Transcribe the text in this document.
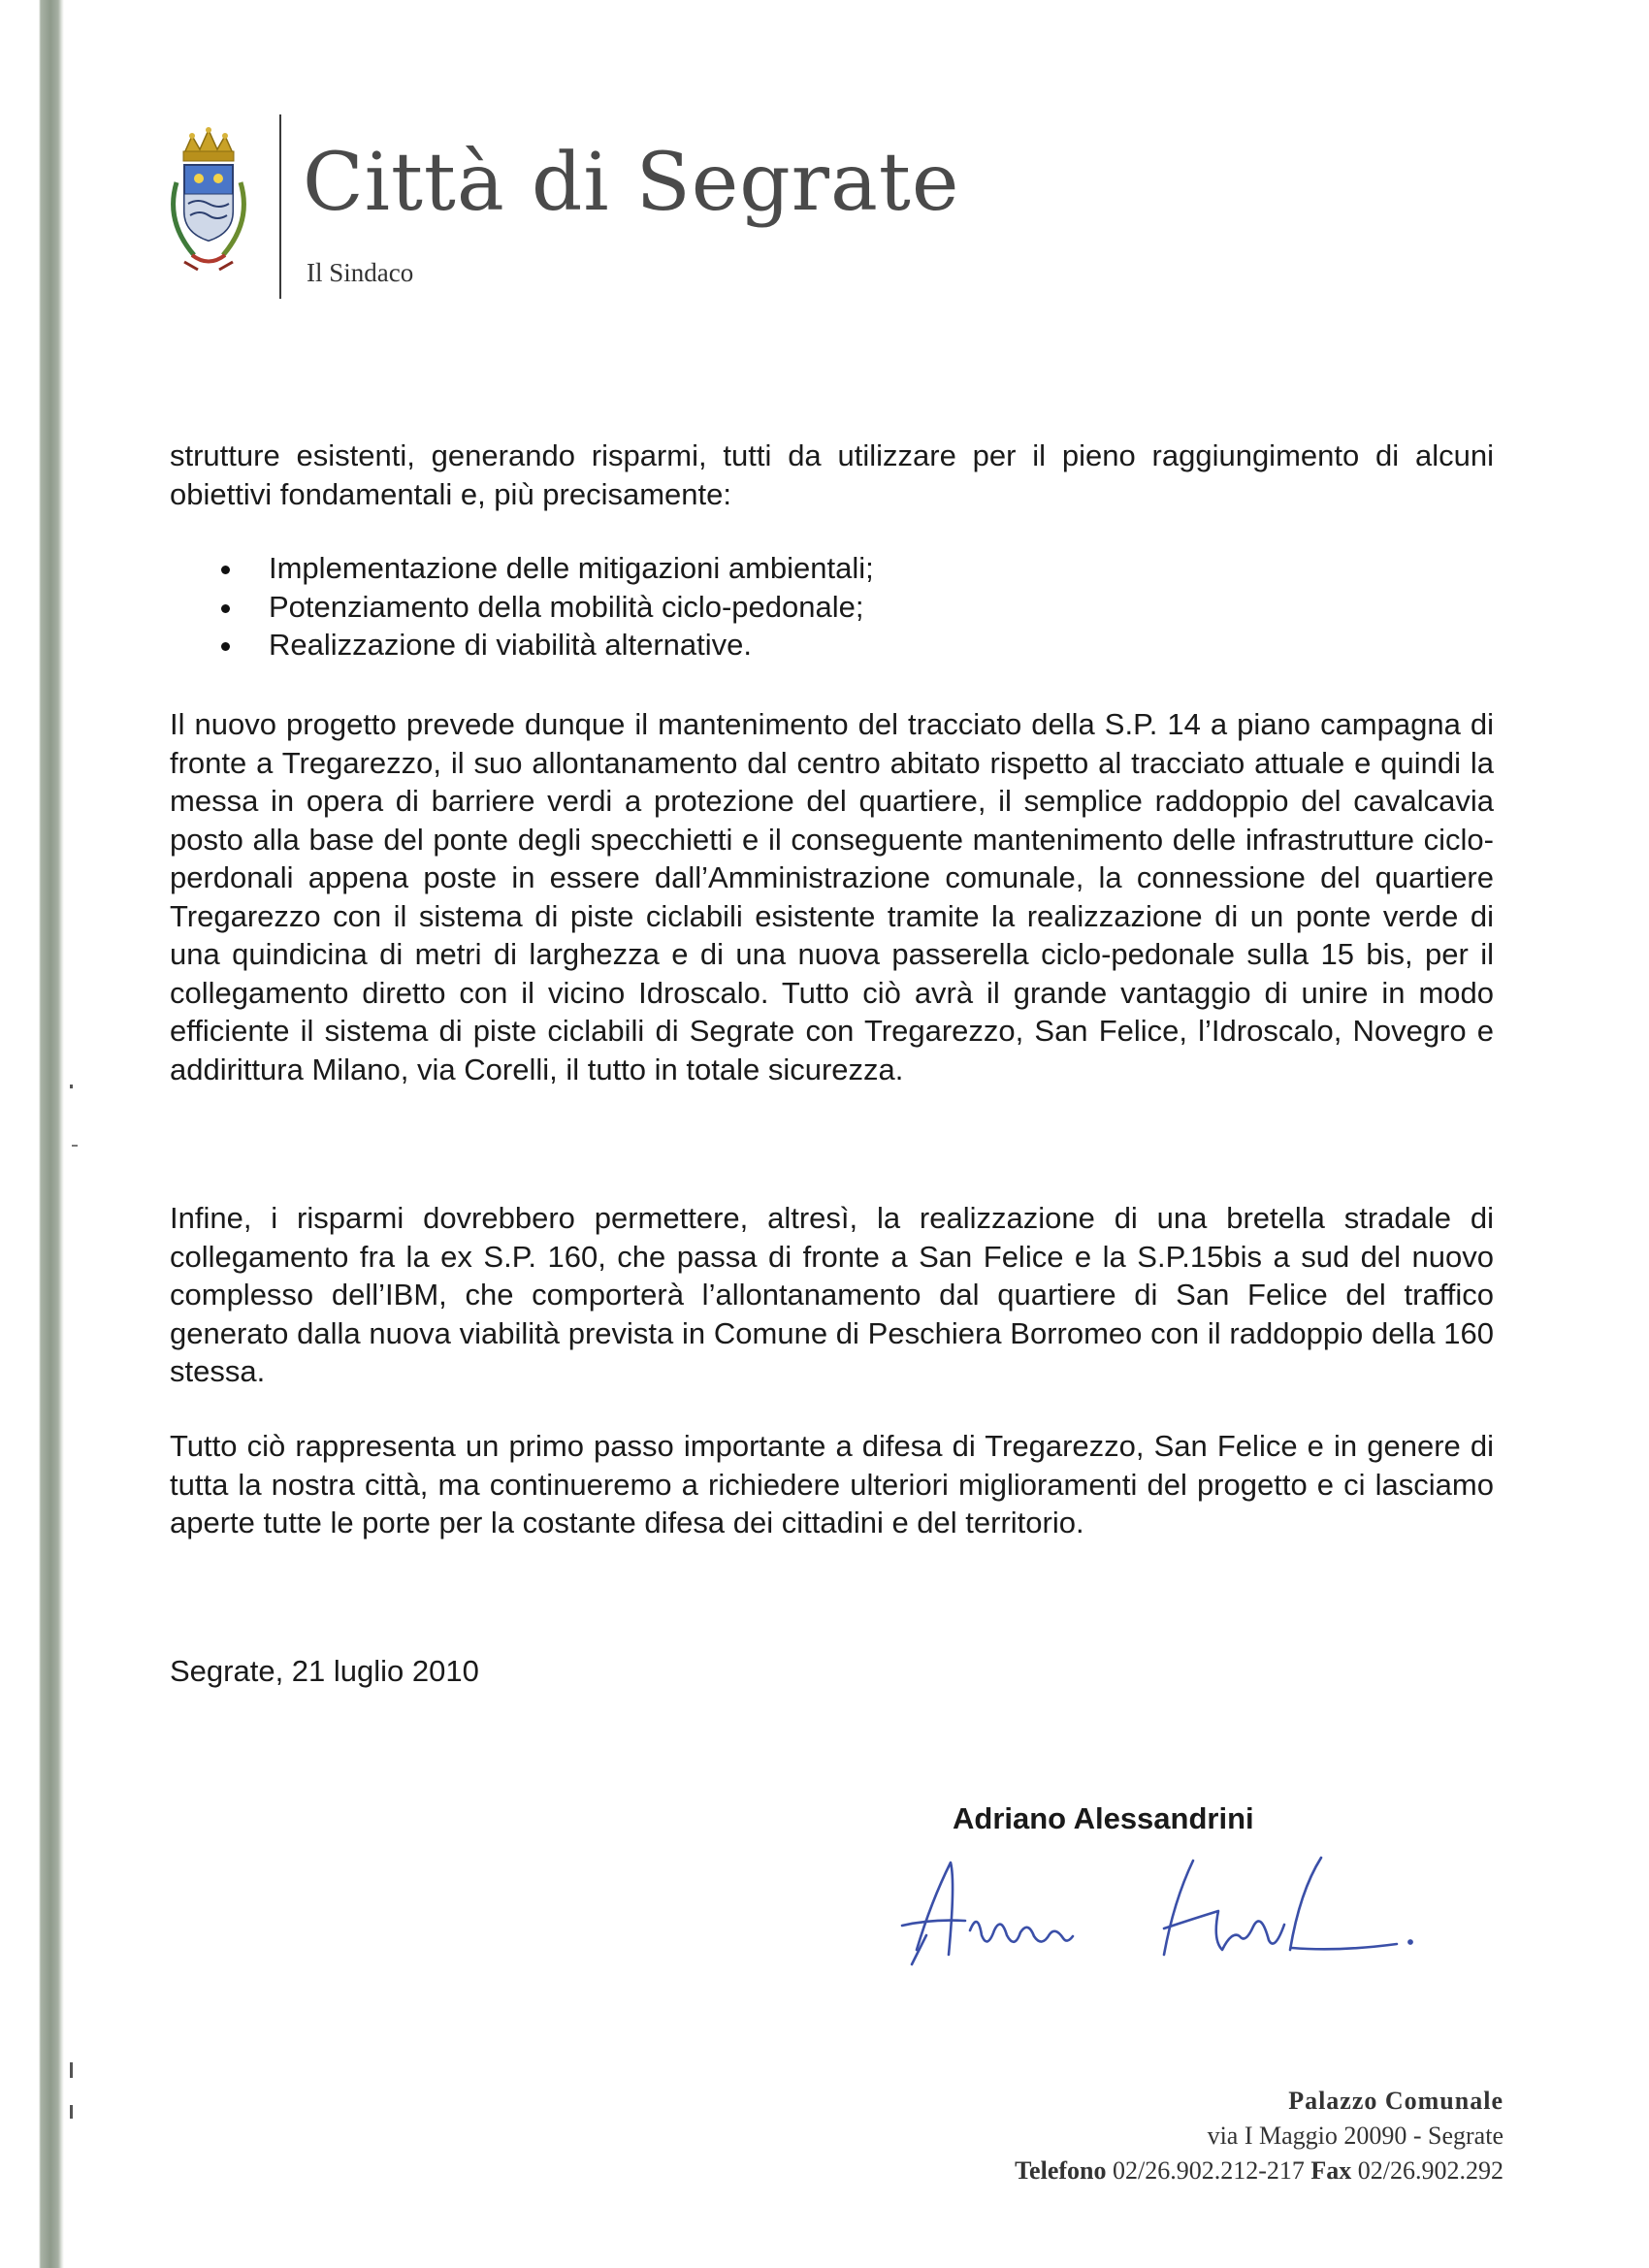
Città di Segrate
Il Sindaco

strutture esistenti, generando risparmi, tutti da utilizzare per il pieno raggiungimento di alcuni obiettivi fondamentali e, più precisamente:

Implementazione delle mitigazioni ambientali;
Potenziamento della mobilità ciclo-pedonale;
Realizzazione di viabilità alternative.

Il nuovo progetto prevede dunque il mantenimento del tracciato della S.P. 14 a piano campagna di fronte a Tregarezzo, il suo allontanamento dal centro abitato rispetto al tracciato attuale e quindi la messa in opera di barriere verdi a protezione del quartiere, il semplice raddoppio del cavalcavia posto alla base del ponte degli specchietti e il conseguente mantenimento delle infrastrutture ciclo-perdonali appena poste in essere dall’Amministrazione comunale, la connessione del quartiere Tregarezzo con il sistema di piste ciclabili esistente tramite la realizzazione di un ponte verde di una quindicina di metri di larghezza e di una nuova passerella ciclo-pedonale sulla 15 bis, per il collegamento diretto con il vicino Idroscalo. Tutto ciò avrà il grande vantaggio di unire in modo efficiente il sistema di piste ciclabili di Segrate con Tregarezzo, San Felice, l’Idroscalo, Novegro e addirittura Milano, via Corelli, il tutto in totale sicurezza.

Infine, i risparmi dovrebbero permettere, altresì, la realizzazione di una bretella stradale di collegamento fra la ex S.P. 160, che passa di fronte a San Felice e la S.P.15bis a sud del nuovo complesso dell’IBM, che comporterà l’allontanamento dal quartiere di San Felice del traffico generato dalla nuova viabilità prevista in Comune di Peschiera Borromeo con il raddoppio della 160 stessa.

Tutto ciò rappresenta un primo passo importante a difesa di Tregarezzo, San Felice e in genere di tutta la nostra città, ma continueremo a richiedere ulteriori miglioramenti del progetto e ci lasciamo aperte tutte le porte per la costante difesa dei cittadini e del territorio.

Segrate, 21 luglio 2010
Adriano Alessandrini
Palazzo Comunale
via I Maggio 20090 - Segrate
Telefono 02/26.902.212-217 Fax 02/26.902.292
